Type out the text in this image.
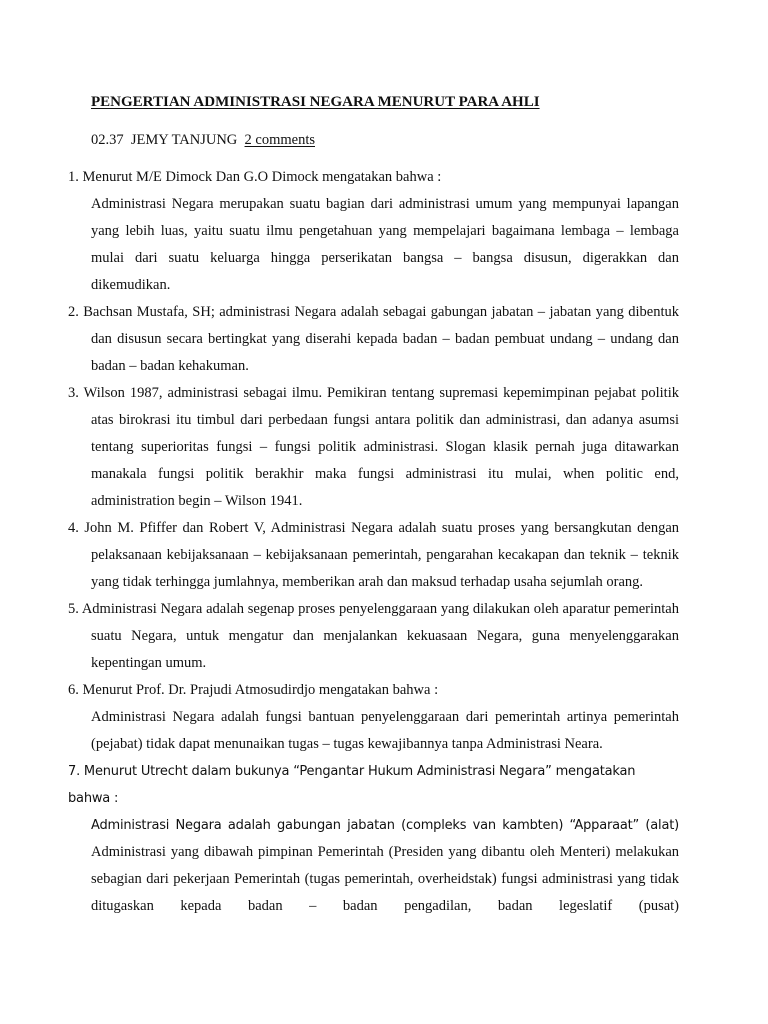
PENGERTIAN ADMINISTRASI NEGARA MENURUT PARA AHLI
02.37 JEMY TANJUNG 2 comments

1. Menurut M/E Dimock Dan G.O Dimock mengatakan bahwa :

Administrasi Negara merupakan suatu bagian dari administrasi umum yang mempunyai lapangan yang lebih luas, yaitu suatu ilmu pengetahuan yang mempelajari bagaimana lembaga – lembaga mulai dari suatu keluarga hingga perserikatan bangsa – bangsa disusun, digerakkan dan dikemudikan.

2. Bachsan Mustafa, SH; administrasi Negara adalah sebagai gabungan jabatan – jabatan yang dibentuk dan disusun secara bertingkat yang diserahi kepada badan – badan pembuat undang – undang dan badan – badan kehakuman.

3. Wilson 1987, administrasi sebagai ilmu. Pemikiran tentang supremasi kepemimpinan pejabat politik atas birokrasi itu timbul dari perbedaan fungsi antara politik dan administrasi, dan adanya asumsi tentang superioritas fungsi – fungsi politik administrasi. Slogan klasik pernah juga ditawarkan manakala fungsi politik berakhir maka fungsi administrasi itu mulai, when politic end, administration begin – Wilson 1941.

4. John M. Pfiffer dan Robert V, Administrasi Negara adalah suatu proses yang bersangkutan dengan pelaksanaan kebijaksanaan – kebijaksanaan pemerintah, pengarahan kecakapan dan teknik – teknik yang tidak terhingga jumlahnya, memberikan arah dan maksud terhadap usaha sejumlah orang.

5. Administrasi Negara adalah segenap proses penyelenggaraan yang dilakukan oleh aparatur pemerintah suatu Negara, untuk mengatur dan menjalankan kekuasaan Negara, guna menyelenggarakan kepentingan umum.

6. Menurut Prof. Dr. Prajudi Atmosudirdjo mengatakan bahwa :

Administrasi Negara adalah fungsi bantuan penyelenggaraan dari pemerintah artinya pemerintah (pejabat) tidak dapat menunaikan tugas – tugas kewajibannya tanpa Administrasi Neara.

7. Menurut Utrecht dalam bukunya “Pengantar Hukum Administrasi Negara” mengatakan bahwa :

Administrasi Negara adalah gabungan jabatan (compleks van kambten) “Apparaat” (alat)

Administrasi yang dibawah pimpinan Pemerintah (Presiden yang dibantu oleh Menteri) melakukan sebagian dari pekerjaan Pemerintah (tugas pemerintah, overheidstak) fungsi administrasi yang tidak ditugaskan kepada badan – badan pengadilan, badan legeslatif (pusat)
